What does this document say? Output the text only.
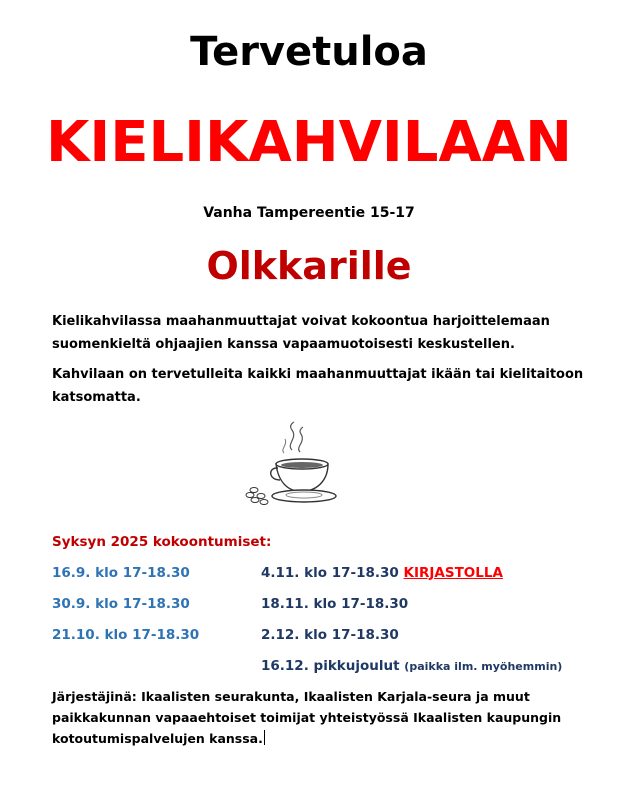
Tervetuloa
KIELIKAHVILAAN
Vanha Tampereentie 15-17
Olkkarille
Kielikahvilassa maahanmuuttajat voivat kokoontua harjoittelemaan suomenkieltä ohjaajien kanssa vapaamuotoisesti keskustellen.
Kahvilaan on tervetulleita kaikki maahanmuuttajat ikään tai kielitaitoon katsomatta.
Syksyn 2025 kokoontumiset:
16.9. klo 17-18.30
30.9. klo 17-18.30
21.10. klo 17-18.30
4.11. klo 17-18.30 KIRJASTOLLA
18.11. klo 17-18.30
2.12. klo 17-18.30
16.12. pikkujoulut (paikka ilm. myöhemmin)
Järjestäjinä: Ikaalisten seurakunta, Ikaalisten Karjala-seura ja muut paikkakunnan vapaaehtoiset toimijat yhteistyössä Ikaalisten kaupungin kotoutumispalvelujen kanssa.
